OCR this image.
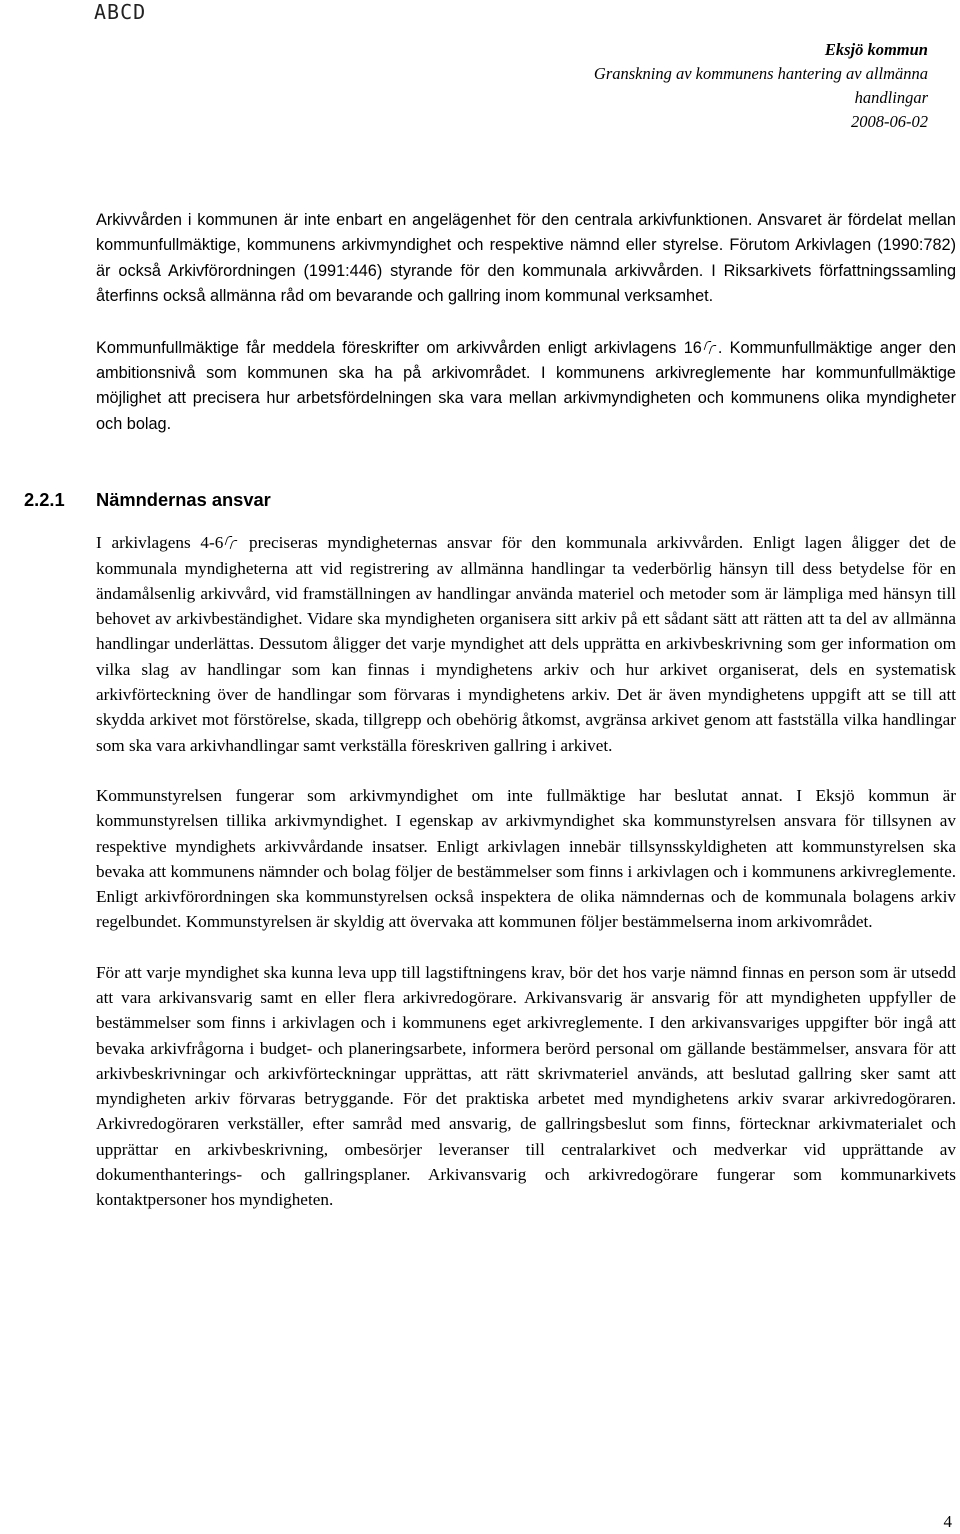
ABCD
Eksjö kommun
Granskning av kommunens hantering av allmänna
handlingar
2008-06-02

Arkivvården i kommunen är inte enbart en angelägenhet för den centrala arkivfunktionen. Ansvaret är fördelat mellan kommunfullmäktige, kommunens arkivmyndighet och respektive nämnd eller styrelse. Förutom Arkivlagen (1990:782) är också Arkivförordningen (1991:446) styrande för den kommunala arkivvården. I Riksarkivets författningssamling återfinns också allmänna råd om bevarande och gallring inom kommunal verksamhet.

Kommunfullmäktige får meddela föreskrifter om arkivvården enligt arkivlagens 16 . Kommunfullmäktige anger den ambitionsnivå som kommunen ska ha på arkivområdet. I kommunens arkivreglemente har kommunfullmäktige möjlighet att precisera hur arbetsfördelningen ska vara mellan arkivmyndigheten och kommunens olika myndigheter och bolag.

2.2.1 Nämndernas ansvar

I arkivlagens 4-6 preciseras myndigheternas ansvar för den kommunala arkivvården. Enligt lagen åligger det de kommunala myndigheterna att vid registrering av allmänna handlingar ta vederbörlig hänsyn till dess betydelse för en ändamålsenlig arkivvård, vid framställningen av handlingar använda materiel och metoder som är lämpliga med hänsyn till behovet av arkivbeständighet. Vidare ska myndigheten organisera sitt arkiv på ett sådant sätt att rätten att ta del av allmänna handlingar underlättas. Dessutom åligger det varje myndighet att dels upprätta en arkivbeskrivning som ger information om vilka slag av handlingar som kan finnas i myndighetens arkiv och hur arkivet organiserat, dels en systematisk arkivförteckning över de handlingar som förvaras i myndighetens arkiv. Det är även myndighetens uppgift att se till att skydda arkivet mot förstörelse, skada, tillgrepp och obehörig åtkomst, avgränsa arkivet genom att fastställa vilka handlingar som ska vara arkivhandlingar samt verkställa föreskriven gallring i arkivet.

Kommunstyrelsen fungerar som arkivmyndighet om inte fullmäktige har beslutat annat. I Eksjö kommun är kommunstyrelsen tillika arkivmyndighet. I egenskap av arkivmyndighet ska kommunstyrelsen ansvara för tillsynen av respektive myndighets arkivvårdande insatser. Enligt arkivlagen innebär tillsynsskyldigheten att kommunstyrelsen ska bevaka att kommunens nämnder och bolag följer de bestämmelser som finns i arkivlagen och i kommunens arkivreglemente. Enligt arkivförordningen ska kommunstyrelsen också inspektera de olika nämndernas och de kommunala bolagens arkiv regelbundet. Kommunstyrelsen är skyldig att övervaka att kommunen följer bestämmelserna inom arkivområdet.

För att varje myndighet ska kunna leva upp till lagstiftningens krav, bör det hos varje nämnd finnas en person som är utsedd att vara arkivansvarig samt en eller flera arkivredogörare. Arkivansvarig är ansvarig för att myndigheten uppfyller de bestämmelser som finns i arkivlagen och i kommunens eget arkivreglemente. I den arkivansvariges uppgifter bör ingå att bevaka arkivfrågorna i budget- och planeringsarbete, informera berörd personal om gällande bestämmelser, ansvara för att arkivbeskrivningar och arkivförteckningar upprättas, att rätt skrivmateriel används, att beslutad gallring sker samt att myndigheten arkiv förvaras betryggande. För det praktiska arbetet med myndighetens arkiv svarar arkivredogöraren. Arkivredogöraren verkställer, efter samråd med ansvarig, de gallringsbeslut som finns, förtecknar arkivmaterialet och upprättar en arkivbeskrivning, ombesörjer leveranser till centralarkivet och medverkar vid upprättande av dokumenthanterings- och gallringsplaner. Arkivansvarig och arkivredogörare fungerar som kommunarkivets kontaktpersoner hos myndigheten.

4
